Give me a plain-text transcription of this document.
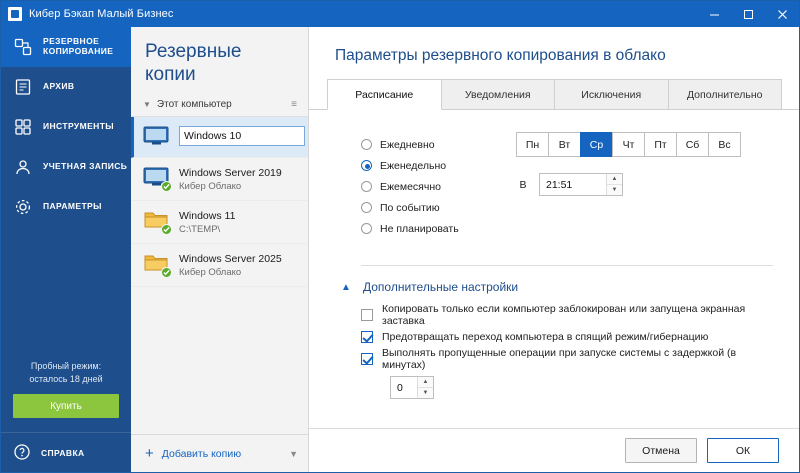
Кибер Бэкап Малый Бизнес
РЕЗЕРВНОЕ КОПИРОВАНИЕ
АРХИВ
ИНСТРУМЕНТЫ
УЧЕТНАЯ ЗАПИСЬ
ПАРАМЕТРЫ
Пробный режим:
осталось 18 дней
Купить
СПРАВКА
Резервные копии
▼ Этот компьютер	≡
Windows 10
Windows Server 2019
Кибер Облако
Windows 11
C:\TEMP\
Windows Server 2025
Кибер Облако
+ Добавить копию	▼
Параметры резервного копирования в облако
Расписание	Уведомления	Исключения	Дополнительно
Ежедневно
Еженедельно
Ежемесячно
По событию
Не планировать
Пн	Вт	Ср	Чт	Пт	Сб	Вс
В
21:51	▲
▼
▲ Дополнительные настройки
Копировать только если компьютер заблокирован или запущена экранная заставка
Предотвращать переход компьютера в спящий режим/гибернацию
Выполнять пропущенные операции при запуске системы с задержкой (в минутах)
0
▲
▼
Отмена	ОК
